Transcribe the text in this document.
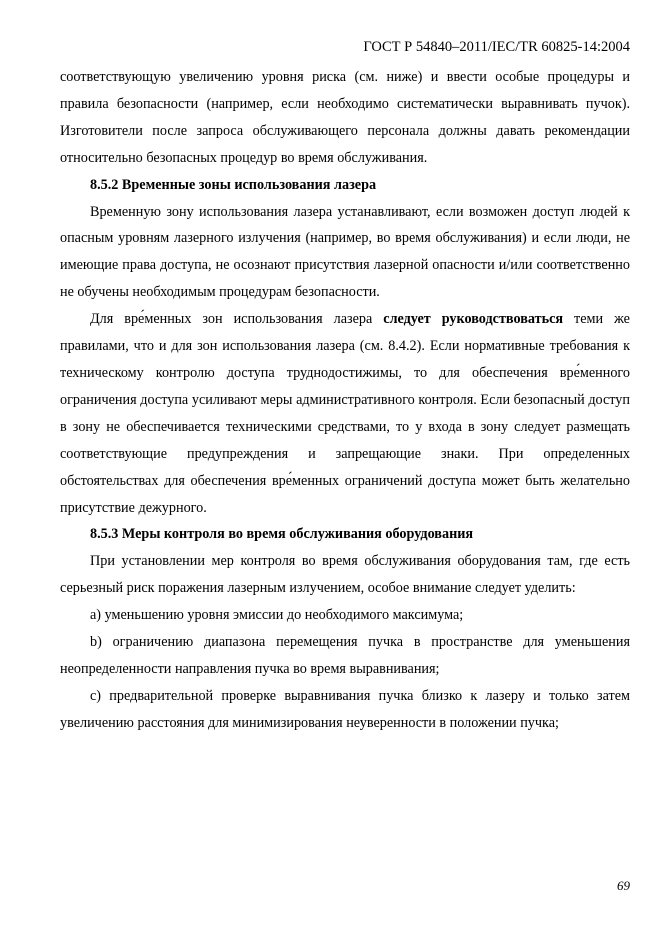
ГОСТ Р 54840–2011/IEC/TR 60825-14:2004

соответствующую увеличению уровня риска (см. ниже) и ввести особые процедуры и правила безопасности (например, если необходимо систематически выравнивать пучок). Изготовители после запроса обслуживающего персонала должны давать рекомендации относительно безопасных процедур во время обслуживания.

8.5.2 Временные зоны использования лазера

Временную зону использования лазера устанавливают, если возможен доступ людей к опасным уровням лазерного излучения (например, во время обслуживания) и если люди, не имеющие права доступа, не осознают присутствия лазерной опасности и/или соответственно не обучены необходимым процедурам безопасности.

Для вре́менных зон использования лазера следует руководствоваться теми же правилами, что и для зон использования лазера (см. 8.4.2). Если нормативные требования к техническому контролю доступа труднодостижимы, то для обеспечения вре́менного ограничения доступа усиливают меры административного контроля. Если безопасный доступ в зону не обеспечивается техническими средствами, то у входа в зону следует размещать соответствующие предупреждения и запрещающие знаки. При определенных обстоятельствах для обеспечения вре́менных ограничений доступа может быть желательно присутствие дежурного.

8.5.3 Меры контроля во время обслуживания оборудования

При установлении мер контроля во время обслуживания оборудования там, где есть серьезный риск поражения лазерным излучением, особое внимание следует уделить:

a) уменьшению уровня эмиссии до необходимого максимума;

b) ограничению диапазона перемещения пучка в пространстве для уменьшения неопределенности направления пучка во время выравнивания;

c) предварительной проверке выравнивания пучка близко к лазеру и только затем увеличению расстояния для минимизирования неуверенности в положении пучка;

69
